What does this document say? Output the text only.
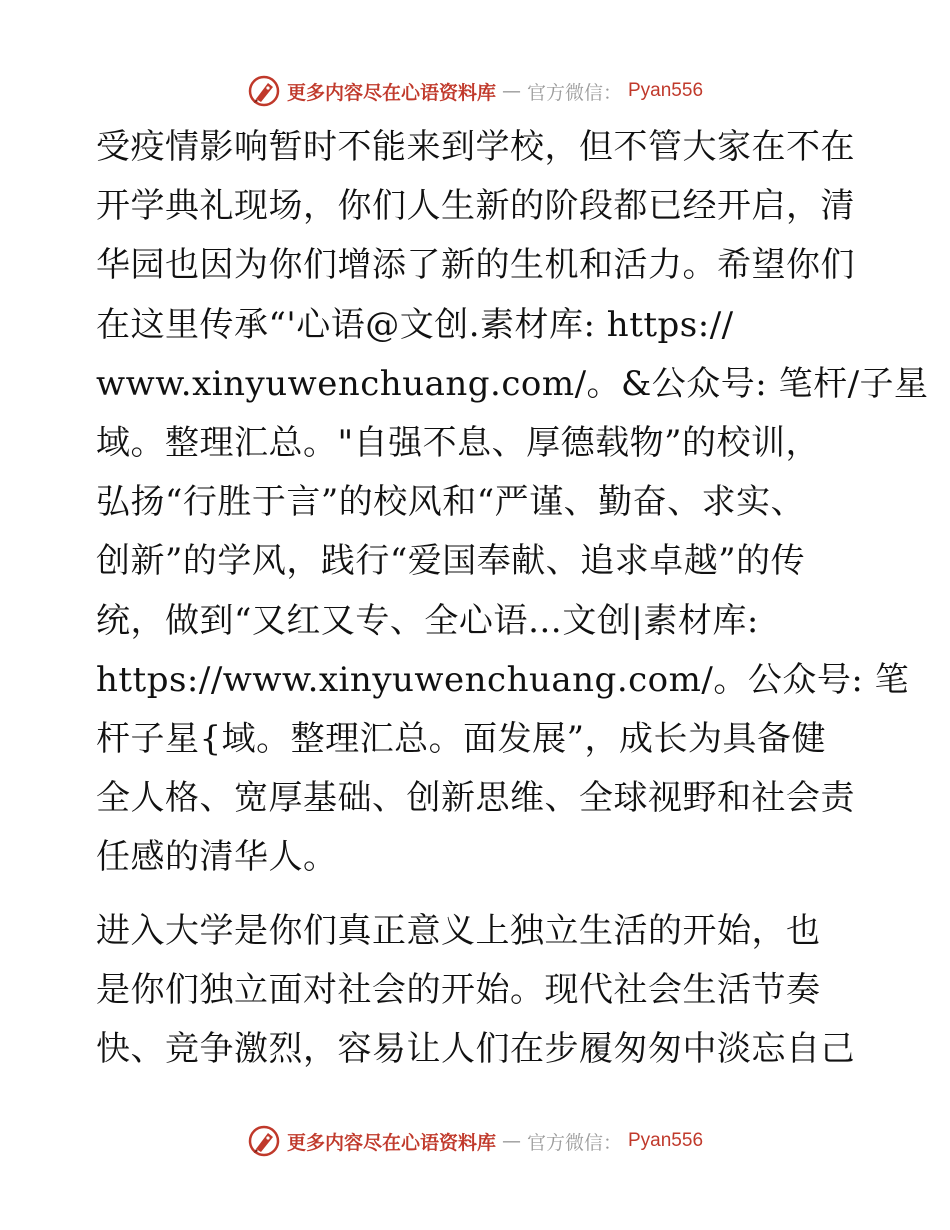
更多内容尽在心语资料库 — 官方微信： Pyan556

受疫情影响暂时不能来到学校，但不管大家在不在
开学典礼现场，你们人生新的阶段都已经开启，清
华园也因为你们增添了新的生机和活力。希望你们
在这里传承“'心语@文创.素材库: https://
www.xinyuwenchuang.com/。&公众号: 笔杆/子星
域。整理汇总。"自强不息、厚德载物”的校训，
弘扬“行胜于言”的校风和“严谨、勤奋、求实、
创新”的学风，践行“爱国奉献、追求卓越”的传
统，做到“又红又专、全心语…文创|素材库:
https://www.xinyuwenchuang.com/。公众号: 笔
杆子星{域。整理汇总。面发展”，成长为具备健
全人格、宽厚基础、创新思维、全球视野和社会责
任感的清华人。

进入大学是你们真正意义上独立生活的开始，也
是你们独立面对社会的开始。现代社会生活节奏
快、竞争激烈，容易让人们在步履匆匆中淡忘自己

更多内容尽在心语资料库 — 官方微信： Pyan556
